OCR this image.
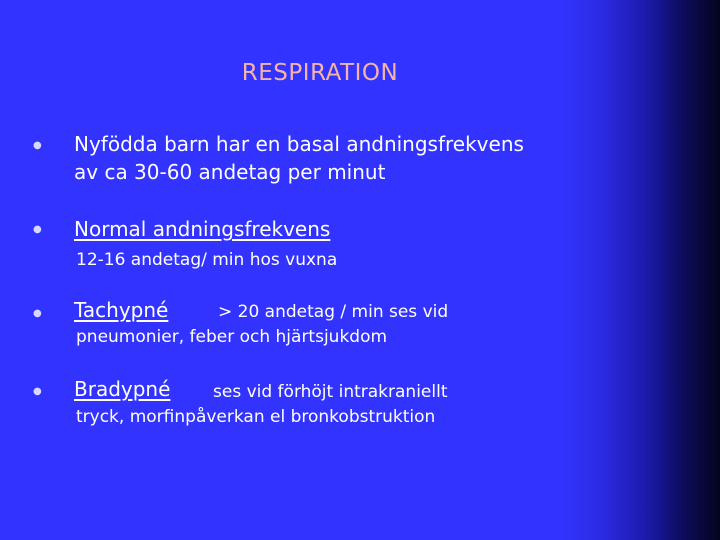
RESPIRATION
●
Nyfödda barn har en basal andningsfrekvens
av ca 30-60 andetag per minut
●
Normal andningsfrekvens
12-16 andetag/ min hos vuxna
●
Tachypné	> 20 andetag / min ses vid
pneumonier, feber och hjärtsjukdom
●
Bradypné	ses vid förhöjt intrakraniellt
tryck, morfinpåverkan el bronkobstruktion
